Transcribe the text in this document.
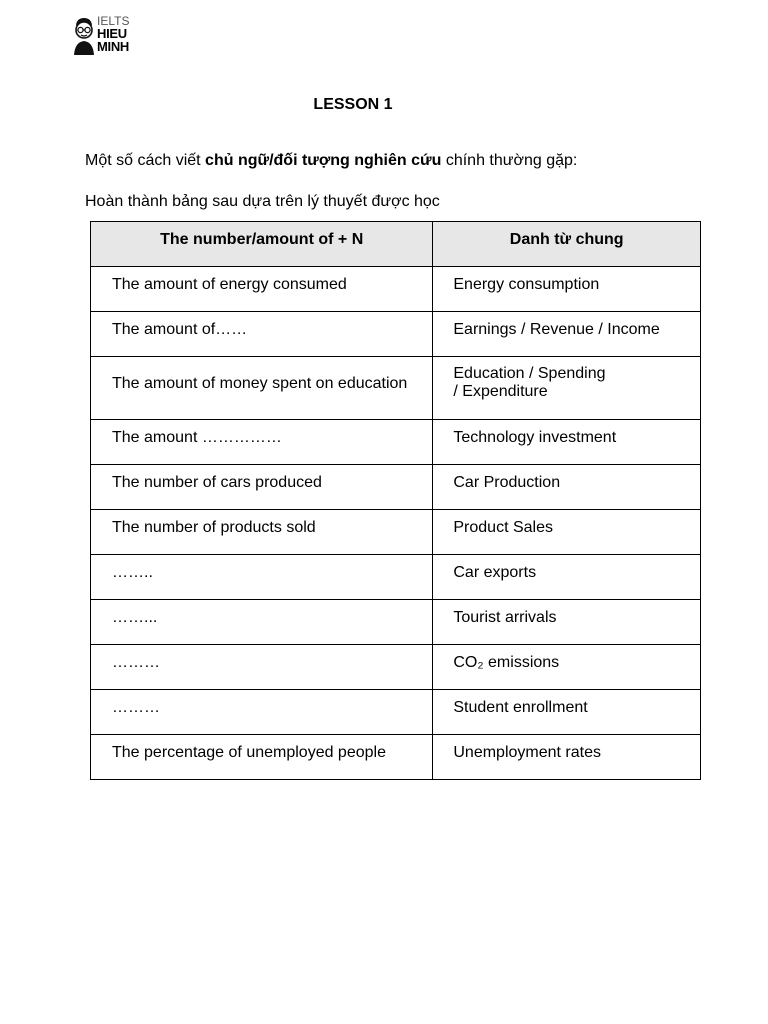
IELTS
HIEU
MINH
LESSON 1
Một số cách viết chủ ngữ/đối tượng nghiên cứu chính thường gặp:
Hoàn thành bảng sau dựa trên lý thuyết được học
The number/amount of + N	Danh từ chung

The amount of energy consumed	Energy consumption

The amount of……	Earnings / Revenue / Income

The amount of money spent on education	Education / Spending
/ Expenditure

The amount ……………	Technology investment

The number of cars produced	Car Production

The number of products sold	Product Sales

……..	Car exports

……...	Tourist arrivals

………	CO₂ emissions

………	Student enrollment

The percentage of unemployed people	Unemployment rates
